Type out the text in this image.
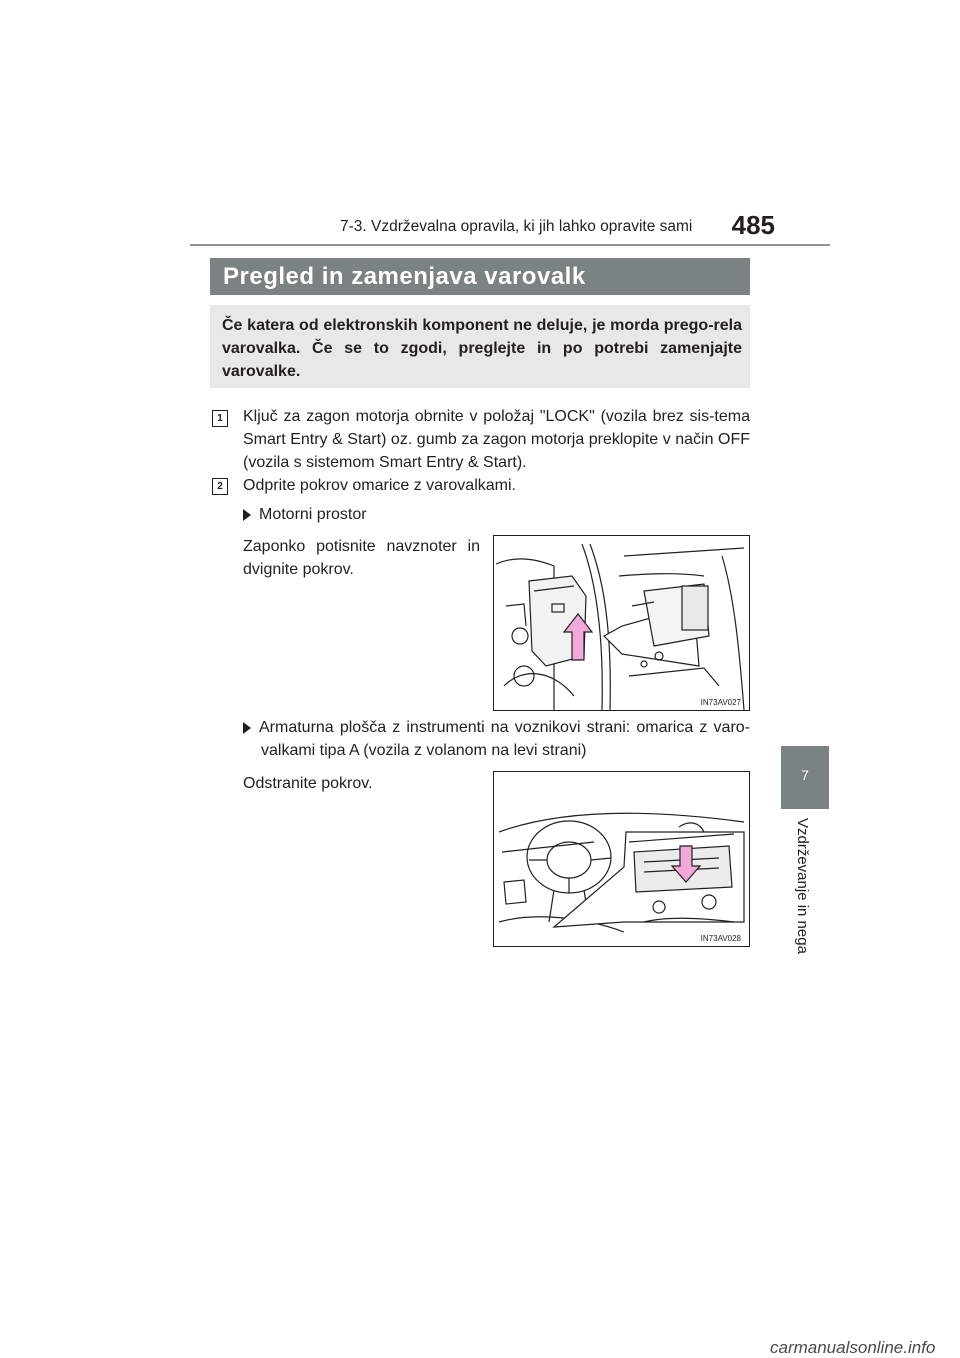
7-3. Vzdrževalna opravila, ki jih lahko opravite sami	485
Pregled in zamenjava varovalk
Če katera od elektronskih komponent ne deluje, je morda prego-rela varovalka. Če se to zgodi, preglejte in po potrebi zamenjajte varovalke.
7
Vzdrževanje in nega
1	Ključ za zagon motorja obrnite v položaj "LOCK" (vozila brez sis-tema Smart Entry & Start) oz. gumb za zagon motorja preklopite v način OFF (vozila s sistemom Smart Entry & Start).
2	Odprite pokrov omarice z varovalkami.
Motorni prostor
Zaponko potisnite navznoter in dvignite pokrov.
IN73AV027
Armaturna plošča z instrumenti na voznikovi strani: omarica z varo-valkami tipa A (vozila z volanom na levi strani)
Odstranite pokrov.
IN73AV028
carmanualsonline.info
